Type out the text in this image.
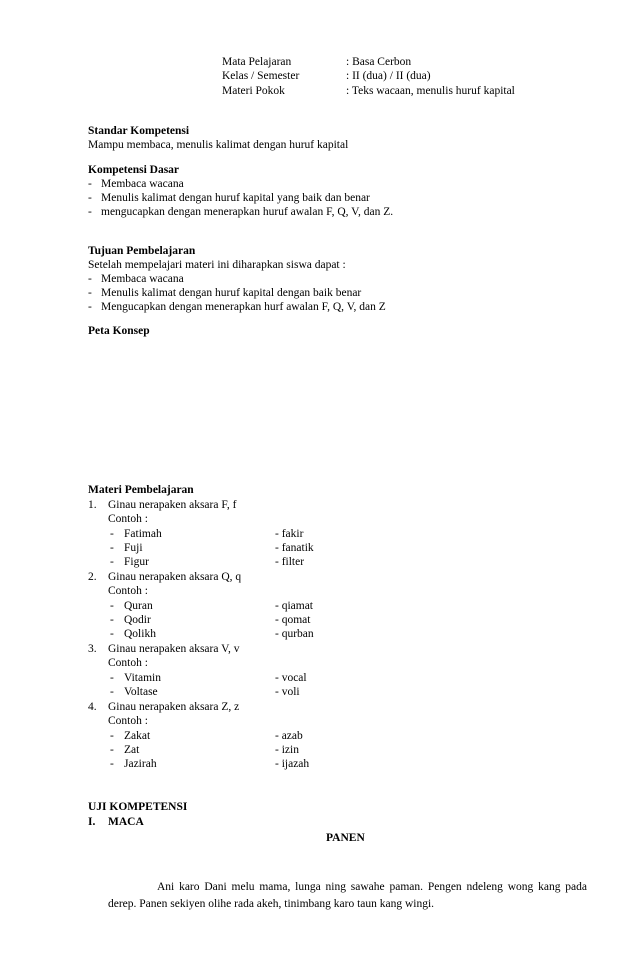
Mata Pelajaran	: Basa Cerbon
Kelas / Semester	: II (dua) / II (dua)
Materi Pokok	: Teks wacaan, menulis huruf kapital
Standar Kompetensi
Mampu membaca, menulis kalimat dengan huruf kapital
Kompetensi Dasar
- Membaca wacana
- Menulis kalimat dengan huruf kapital yang baik dan benar
- mengucapkan dengan menerapkan huruf awalan F, Q, V, dan Z.
Tujuan Pembelajaran
Setelah mempelajari materi ini diharapkan siswa dapat :
- Membaca wacana
- Menulis kalimat dengan huruf kapital dengan baik benar
- Mengucapkan dengan menerapkan hurf awalan F, Q, V, dan Z
Peta Konsep
Materi Pembelajaran
1. Ginau nerapaken aksara F, f
Contoh :
- Fatimah	- fakir
- Fuji	- fanatik
- Figur	- filter
2. Ginau nerapaken aksara Q, q
Contoh :
- Quran	- qiamat
- Qodir	- qomat
- Qolikh	- qurban
3. Ginau nerapaken aksara V, v
Contoh :
- Vitamin	- vocal
- Voltase	- voli
4. Ginau nerapaken aksara Z, z
Contoh :
- Zakat	- azab
- Zat	- izin
- Jazirah	- ijazah
UJI KOMPETENSI
I. MACA
PANEN
Ani karo Dani melu mama, lunga ning sawahe paman. Pengen ndeleng wong kang pada derep. Panen sekiyen olihe rada akeh, tinimbang karo taun kang wingi.
